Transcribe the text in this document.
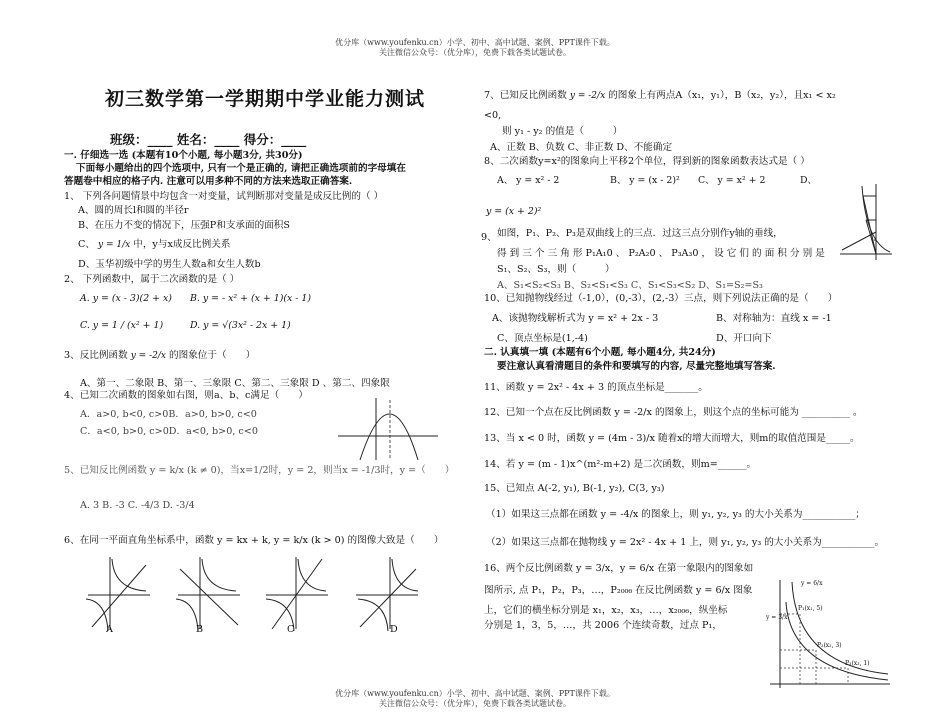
优分库（www.youfenku.cn）小学、初中、高中试题、案例、PPT课件下载。
关注微信公众号：（优分库），免费下载各类试题试卷。
优分库（www.youfenku.cn）小学、初中、高中试题、案例、PPT课件下载。
关注微信公众号：（优分库），免费下载各类试题试卷。
初三数学第一学期期中学业能力测试
班级：____ 姓名：____ 得分：____
一. 仔细选一选 (本题有10个小题, 每小题3分, 共30分)
下面每小题给出的四个选项中, 只有一个是正确的, 请把正确选项前的字母填在
答题卷中相应的格子内. 注意可以用多种不同的方法来选取正确答案.
1、 下列各问题情景中均包含一对变量，试判断那对变量是成反比例的（ ）
A、圆的周长l和圆的半径r
B、在压力不变的情况下，压强P和支承面的面积S
C、 y = 1/x 中，y与x成反比例关系
D、玉华初级中学的男生人数a和女生人数b
2、 下列函数中，属于二次函数的是（ ）
A. y = (x - 3)(2 + x) B. y = - x² + (x + 1)(x - 1)
C. y = 1 / (x² + 1)	D. y = √(3x² - 2x + 1)
3、反比例函数 y = -2/x 的图象位于（　　）
A、第一、二象限 B、第一、三象限 C、第二、三象限 D 、第二、四象限
4、已知二次函数的图象如右图，则a、b、c满足（　　）
A．a>0, b<0, c>0B．a>0, b>0, c<0
C．a<0, b>0, c>0D．a<0, b>0, c<0
5、已知反比例函数 y = k/x (k ≠ 0)，当x=1/2时，y = 2，则当x = -1/3时，y =（　　）
A. 3 B. -3 C. -4/3 D. -3/4
6、在同一平面直角坐标系中，函数 y = kx + k, y = k/x (k > 0) 的图像大致是（　　）
A	B	C	D
7、已知反比例函数 y = -2/x 的图象上有两点A（x₁，y₁），B（x₂，y₂），且x₁ < x₂
<0,
则 y₁ - y₂ 的值是（　　　）
A、正数 B、负数 C、非正数 D、不能确定
8、二次函数y=x²的图象向上平移2个单位，得到新的图象函数表达式是（ ）
A、 y = x² - 2	B、 y = (x - 2)² C、 y = x² + 2	D、
y = (x + 2)²
9、 如图，P₁、P₂、P₃是双曲线上的三点．过这三点分别作y轴的垂线，
得 到 三 个 三 角 形 P₁A₁0 、 P₂A₂0 、 P₃A₃0 ， 设 它 们 的 面 积 分 别 是
S₁、S₂、S₃，则（　　　）
A、S₁<S₂<S₃ B、S₂<S₁<S₃ C、S₁<S₃<S₂ D、S₁=S₂=S₃
10、已知抛物线经过（-1,0），(0,-3），(2,-3）三点，则下列说法正确的是（　　）
A、该抛物线解析式为 y = x² + 2x - 3	B、对称轴为：直线 x = -1
C、顶点坐标是(1,-4)	D、开口向下
二. 认真填一填 (本题有6个小题, 每小题4分, 共24分)
要注意认真看清题目的条件和要填写的内容, 尽量完整地填写答案.
11、函数 y = 2x² - 4x + 3 的顶点坐标是_______。
12、已知一个点在反比例函数 y = -2/x 的图象上，则这个点的坐标可能为 __________ 。
13、当 x < 0 时，函数 y = (4m - 3)/x 随着x的增大而增大，则m的取值范围是_____。
14、若 y = (m - 1)x^(m²-m+2) 是二次函数，则m=______。
15、已知点 A(-2, y₁), B(-1, y₂), C(3, y₃)
（1）如果这三点都在函数 y = -4/x 的图象上，则 y₁, y₂, y₃ 的大小关系为___________；
（2）如果这三点都在抛物线 y = 2x² - 4x + 1 上，则 y₁, y₂, y₃ 的大小关系为___________。
16、两个反比例函数 y = 3/x，y = 6/x 在第一象限内的图象如
图所示, 点 P₁，P₂，P₃，…，P₂₀₀₆ 在反比例函数 y = 6/x 图象
上，它们的横坐标分别是 x₁，x₂，x₃，…，x₂₀₀₆，纵坐标
分别是 1，3，5，…，共 2006 个连续奇数，过点 P₁，
y = 6/x
y = 3/x
P₁(x₁, 5)
P₂(x₂, 3)
P₃(x₃, 1)
